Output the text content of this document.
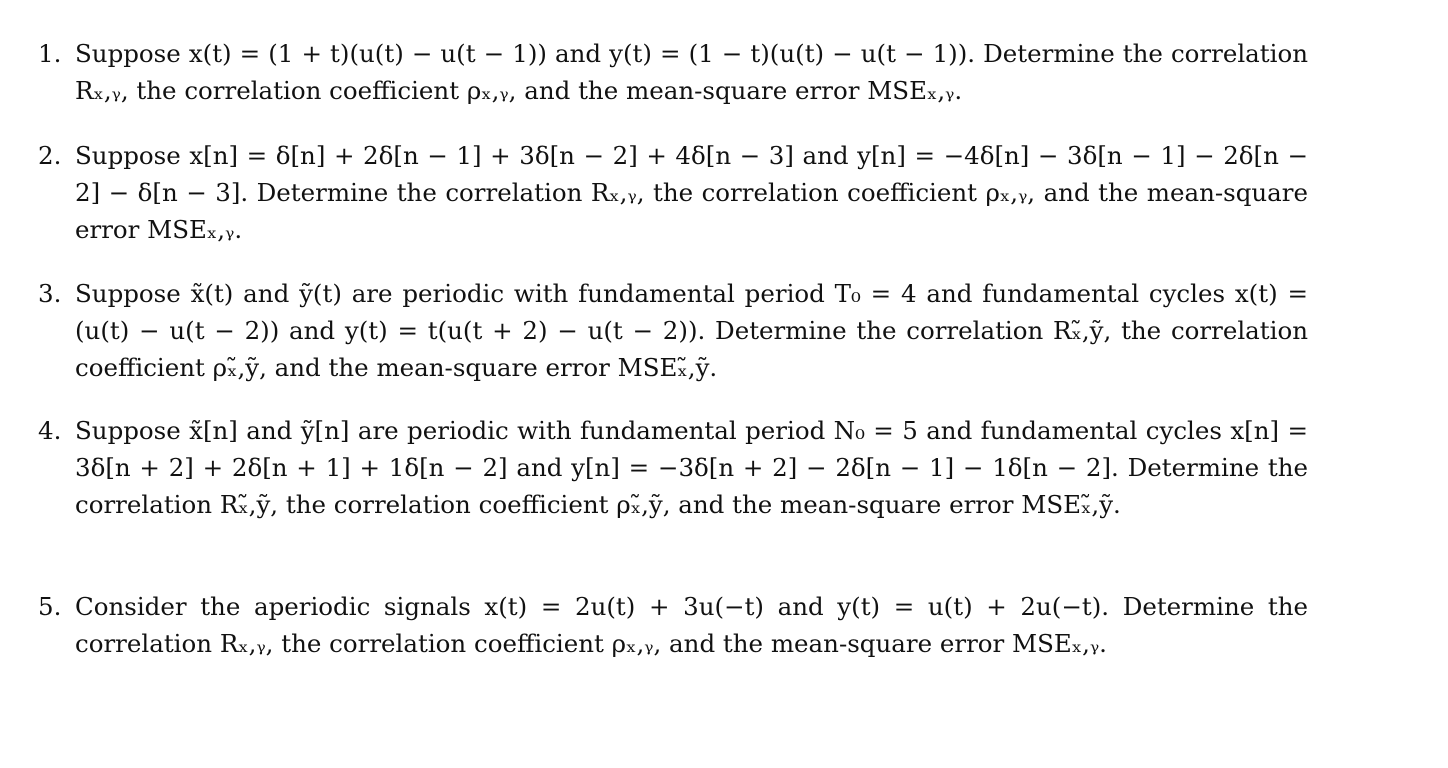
1. Suppose x(t) = (1 + t)(u(t) − u(t − 1)) and y(t) = (1 − t)(u(t) − u(t − 1)). Determine the correlation Rₓ,ᵧ, the correlation coefficient ρₓ,ᵧ, and the mean-square error MSEₓ,ᵧ.

2. Suppose x[n] = δ[n] + 2δ[n − 1] + 3δ[n − 2] + 4δ[n − 3] and y[n] = −4δ[n] − 3δ[n − 1] − 2δ[n − 2] − δ[n − 3]. Determine the correlation Rₓ,ᵧ, the correlation coefficient ρₓ,ᵧ, and the mean-square error MSEₓ,ᵧ.

3. Suppose x̃(t) and ỹ(t) are periodic with fundamental period T₀ = 4 and fundamental cycles x(t) = (u(t) − u(t − 2)) and y(t) = t(u(t + 2) − u(t − 2)). Determine the correlation Rₓ̃,ỹ, the correlation coefficient ρₓ̃,ỹ, and the mean-square error MSEₓ̃,ỹ.

4. Suppose x̃[n] and ỹ[n] are periodic with fundamental period N₀ = 5 and fundamental cycles x[n] = 3δ[n + 2] + 2δ[n + 1] + 1δ[n − 2] and y[n] = −3δ[n + 2] − 2δ[n − 1] − 1δ[n − 2]. Determine the correlation Rₓ̃,ỹ, the correlation coefficient ρₓ̃,ỹ, and the mean-square error MSEₓ̃,ỹ.

5. Consider the aperiodic signals x(t) = 2u(t) + 3u(−t) and y(t) = u(t) + 2u(−t). Determine the correlation Rₓ,ᵧ, the correlation coefficient ρₓ,ᵧ, and the mean-square error MSEₓ,ᵧ.
